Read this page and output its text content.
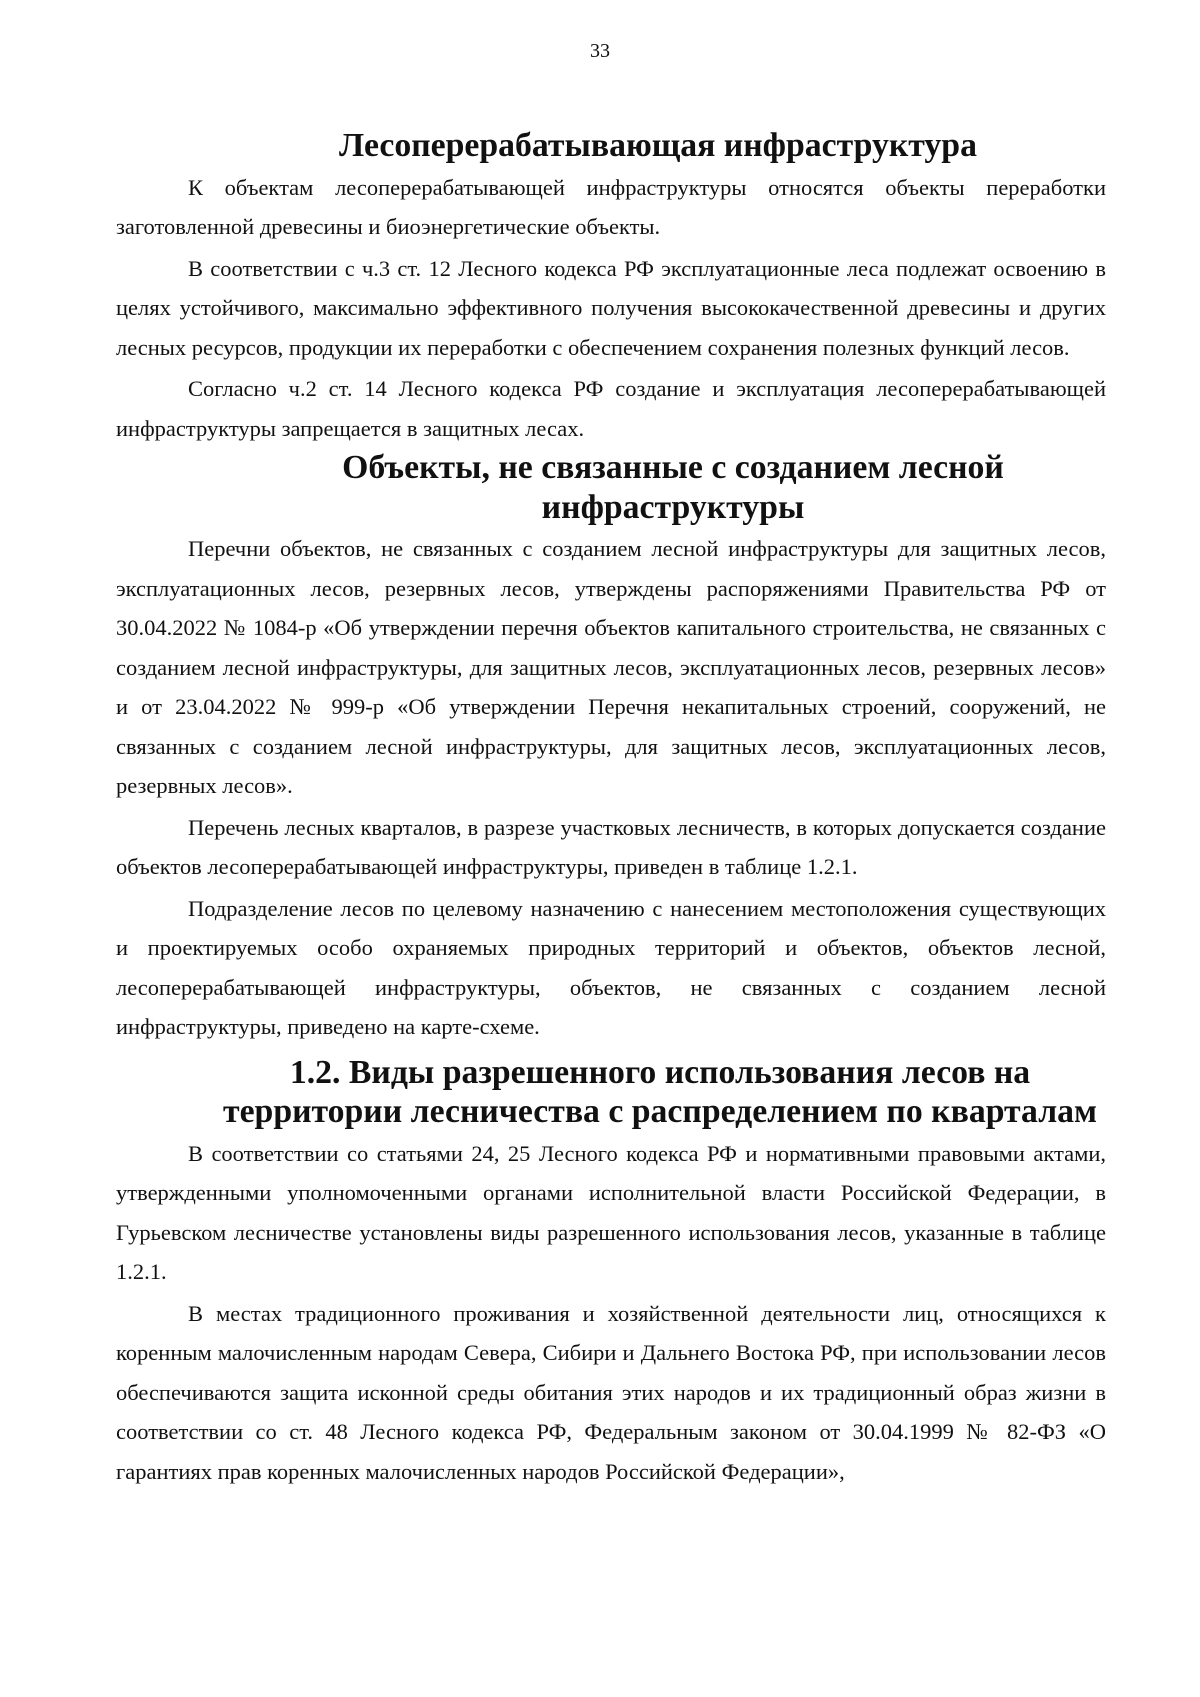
33
Лесоперерабатывающая инфраструктура

К объектам лесоперерабатывающей инфраструктуры относятся объекты переработки заготовленной древесины и биоэнергетические объекты.

В соответствии с ч.3 ст. 12 Лесного кодекса РФ эксплуатационные леса подлежат освоению в целях устойчивого, максимально эффективного получения высококачественной древесины и других лесных ресурсов, продукции их переработки с обеспечением сохранения полезных функций лесов.

Согласно ч.2 ст. 14 Лесного кодекса РФ создание и эксплуатация лесоперерабатывающей инфраструктуры запрещается в защитных лесах.

Объекты, не связанные с созданием лесной инфраструктуры

Перечни объектов, не связанных с созданием лесной инфраструктуры для защитных лесов, эксплуатационных лесов, резервных лесов, утверждены распоряжениями Правительства РФ от 30.04.2022 № 1084-р «Об утверждении перечня объектов капитального строительства, не связанных с созданием лесной инфраструктуры, для защитных лесов, эксплуатационных лесов, резервных лесов» и от 23.04.2022 № 999-р «Об утверждении Перечня некапитальных строений, сооружений, не связанных с созданием лесной инфраструктуры, для защитных лесов, эксплуатационных лесов, резервных лесов».

Перечень лесных кварталов, в разрезе участковых лесничеств, в которых допускается создание объектов лесоперерабатывающей инфраструктуры, приведен в таблице 1.2.1.

Подразделение лесов по целевому назначению с нанесением местоположения существующих и проектируемых особо охраняемых природных территорий и объектов, объектов лесной, лесоперерабатывающей инфраструктуры, объектов, не связанных с созданием лесной инфраструктуры, приведено на карте-схеме.

1.2. Виды разрешенного использования лесов на территории лесничества с распределением по кварталам

В соответствии со статьями 24, 25 Лесного кодекса РФ и нормативными правовыми актами, утвержденными уполномоченными органами исполнительной власти Российской Федерации, в Гурьевском лесничестве установлены виды разрешенного использования лесов, указанные в таблице 1.2.1.

В местах традиционного проживания и хозяйственной деятельности лиц, относящихся к коренным малочисленным народам Севера, Сибири и Дальнего Востока РФ, при использовании лесов обеспечиваются защита исконной среды обитания этих народов и их традиционный образ жизни в соответствии со ст. 48 Лесного кодекса РФ, Федеральным законом от 30.04.1999 № 82-ФЗ «О гарантиях прав коренных малочисленных народов Российской Федерации»,
